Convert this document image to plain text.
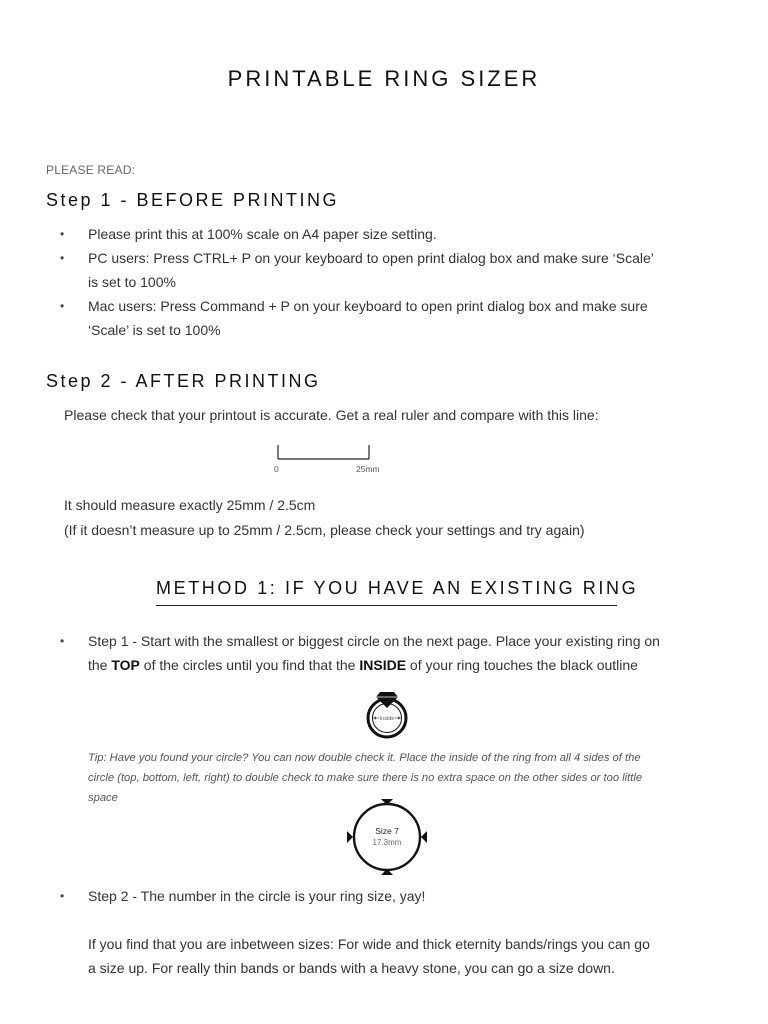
PRINTABLE RING SIZER
PLEASE READ:
Step 1 - BEFORE PRINTING
• Please print this at 100% scale on A4 paper size setting.
• PC users: Press CTRL+ P on your keyboard to open print dialog box and make sure ‘Scale’ is set to 100%
• Mac users: Press Command + P on your keyboard to open print dialog box and make sure ‘Scale’ is set to 100%
Step 2 - AFTER PRINTING
Please check that your printout is accurate. Get a real ruler and compare with this line:
0	25mm
It should measure exactly 25mm / 2.5cm
(If it doesn’t measure up to 25mm / 2.5cm, please check your settings and try again)
METHOD 1: IF YOU HAVE AN EXISTING RING
• Step 1 - Start with the smallest or biggest circle on the next page. Place your existing ring on the TOP of the circles until you find that the INSIDE of your ring touches the black outline
Inside
Tip: Have you found your circle? You can now double check it. Place the inside of the ring from all 4 sides of the circle (top, bottom, left, right) to double check to make sure there is no extra space on the other sides or too little space
Size 7
17.3mm
• Step 2 - The number in the circle is your ring size, yay!
If you find that you are inbetween sizes: For wide and thick eternity bands/rings you can go a size up. For really thin bands or bands with a heavy stone, you can go a size down.
